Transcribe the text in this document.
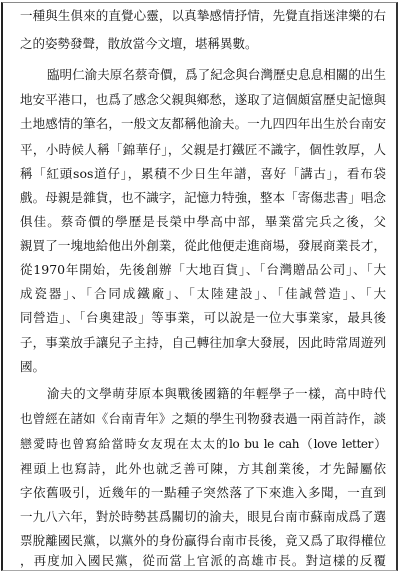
一種與生俱來的直覺心靈，以真摯感情抒情，先覺直指迷津樂的右
之的姿勢發聲，散放當今文壇，堪稱異數。
臨明仁渝夫原名蔡奇價，爲了紀念與台灣歷史息息相關的出生
地安平港口，也爲了感念父親與鄉愁，遂取了這個頗富歷史記憶與
土地感情的筆名，一般文友都稱他渝夫。一九四四年出生於台南安
平，小時候人稱「錦華仔」，父親是打鐵匠不識字，個性敦厚，人
稱「紅頭sos道仔」，累積不少日生年譜，喜好「講古」，看布袋
戲。母親是雜貨，也不識字，記憶力特強，整本「寄傷悲書」唱念
俱佳。蔡奇價的學歷是長榮中學高中部，畢業當完兵之後，父
親買了一塊地給他出外創業，從此他便走進商場，發展商業長才，
從1970年開始，先後創辦「大地百貨」、「台灣贈品公司」、「大
成瓷器」、「合同成鐵廠」、「太陸建設」、「佳誠營造」、「大
同營造」、「台奧建設」等事業，可以說是一位大事業家，最具後
子，事業放手讓兒子主持，自己轉往加拿大發展，因此時常周遊列
國。
渝夫的文學萌芽原本與戰後國籍的年輕學子一樣，高中時代
也曾經在諸如《台南青年》之類的學生刊物發表過一兩首詩作，談
戀愛時也曾寫給當時女友現在太太的lo bu le cah（love letter）
裡頭上也寫詩，此外也就乏善可陳，方其創業後，才先歸屬依
字依舊吸引，近幾年的一點種子突然落了下來進入多聞，一直到
一九八六年，對於時勢甚爲關切的渝夫，眼見台南市蘇南成爲了選
票脫離國民黨，以黨外的身份贏得台南市長後，竟又爲了取得權位
，再度加入國民黨，從而當上官派的高雄市長。對這樣的反覆
